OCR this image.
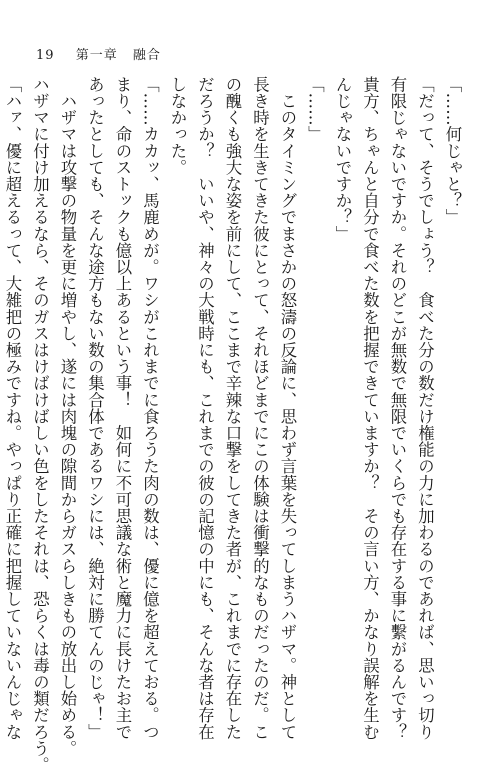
19 第一章 融合
「……何じゃと？」
「だって、そうでしょう？　食べた分の数だけ権能の力に加わるのであれば、思いっ切り
有限じゃないですか。それのどこが無数で無限でいくらでも存在する事に繫がるんです？
貴方、ちゃんと自分で食べた数を把握できていますか？　その言い方、かなり誤解を生む
んじゃないですか？」
「……」
　このタイミングでまさかの怒濤の反論に、思わず言葉を失ってしまうハザマ。神として
長き時を生きてきた彼にとって、それほどまでにこの体験は衝撃的なものだったのだ。こ
の醜くも強大な姿を前にして、ここまで辛辣な口撃をしてきた者が、これまでに存在した
だろうか？　いいや、神々の大戦時にも、これまでの彼の記憶の中にも、そんな者は存在
しなかった。
「……カカッ、馬鹿めが。ワシがこれまでに食ろうた肉の数は、優に億を超えておる。つ
まり、命のストックも億以上あるという事！　如何に不可思議な術と魔力に長けたお主で
あったとしても、そんな途方もない数の集合体であるワシには、絶対に勝てんのじゃ！」
　ハザマは攻撃の物量を更に増やし、遂には肉塊の隙間からガスらしきもの放出し始める。
ハザマに付け加えるなら、そのガスはけばけばしい色をしたそれは、恐らくは毒の類だろう。
「ハァ、優に超えるって、大雑把の極みですね。やっぱり正確に把握していないんじゃな
